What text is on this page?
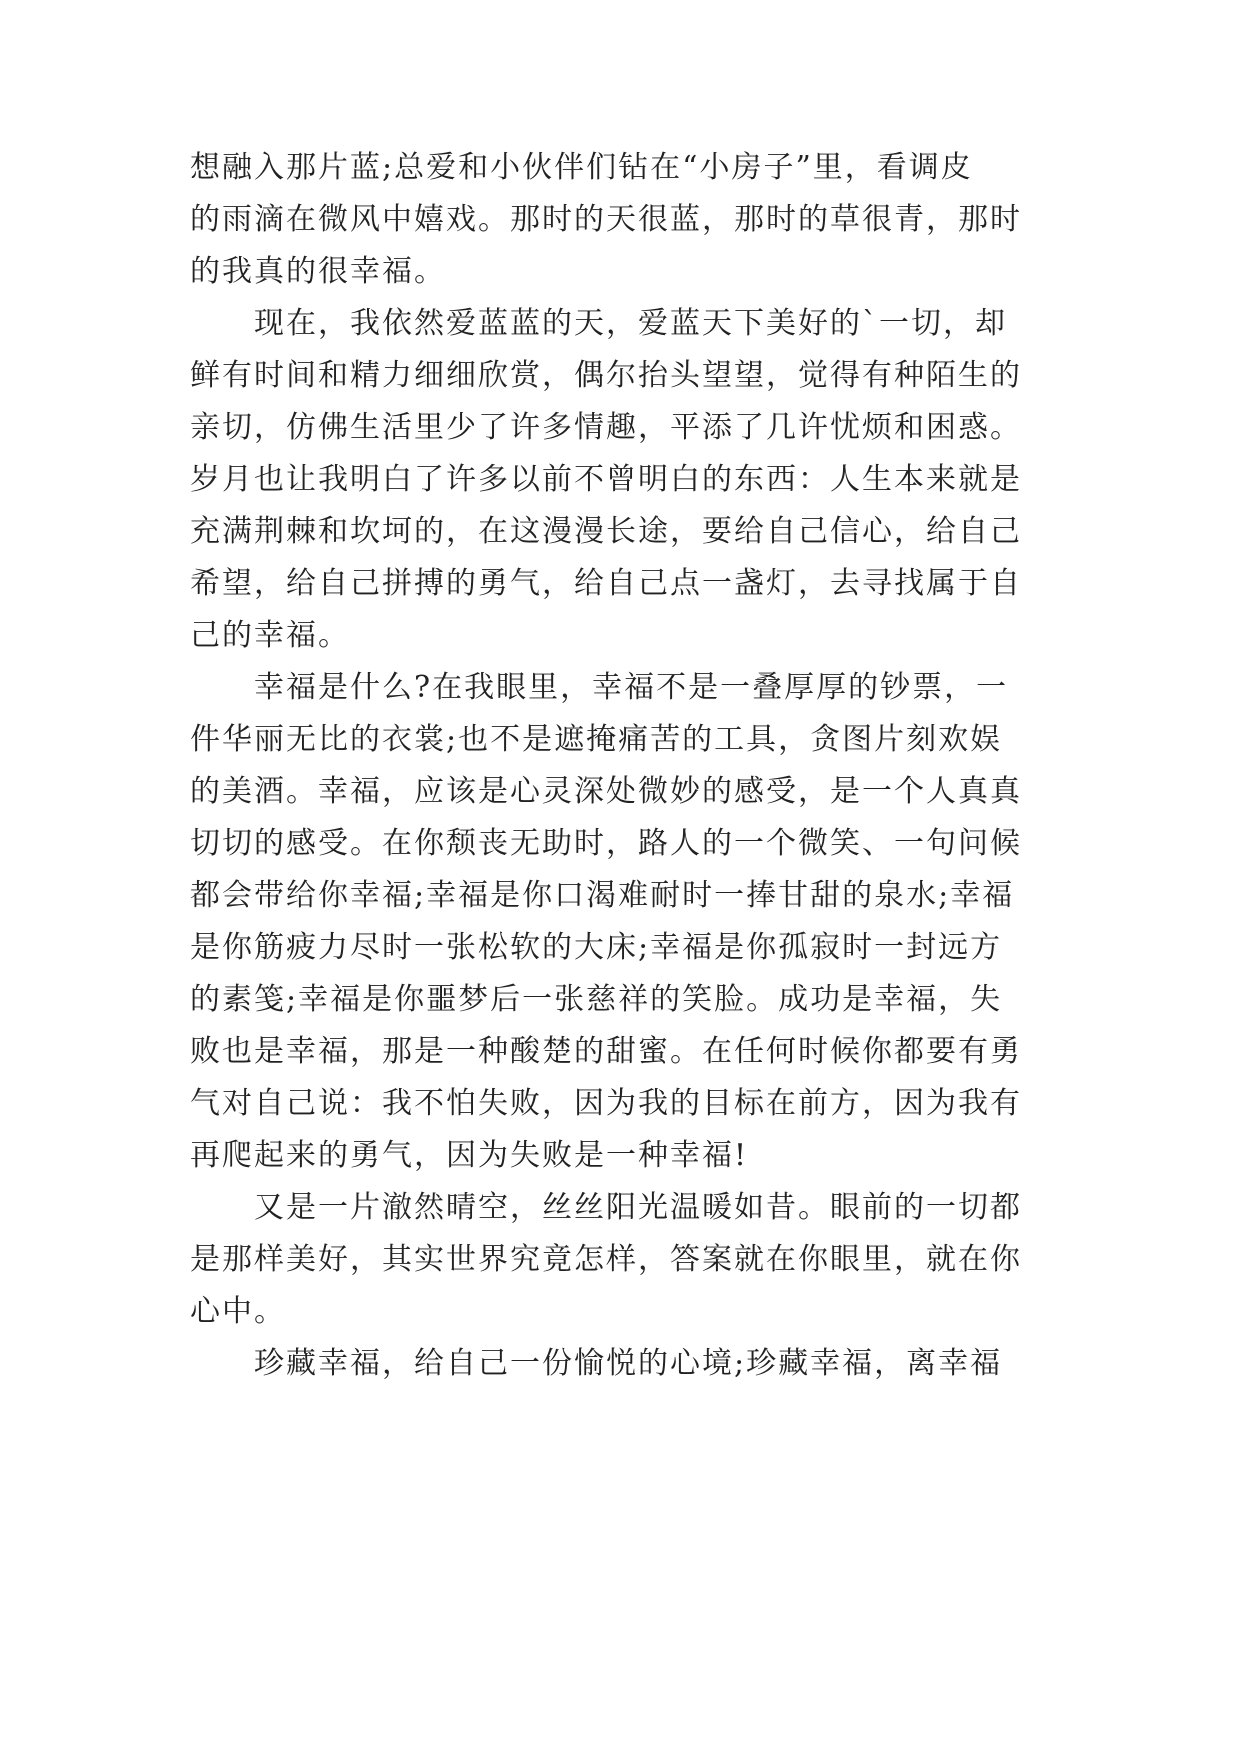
想融入那片蓝;总爱和小伙伴们钻在“小房子”里，看调皮
的雨滴在微风中嬉戏。那时的天很蓝，那时的草很青，那时
的我真的很幸福。
现在，我依然爱蓝蓝的天，爱蓝天下美好的`一切，却
鲜有时间和精力细细欣赏，偶尔抬头望望，觉得有种陌生的
亲切，仿佛生活里少了许多情趣，平添了几许忧烦和困惑。
岁月也让我明白了许多以前不曾明白的东西：人生本来就是
充满荆棘和坎坷的，在这漫漫长途，要给自己信心，给自己
希望，给自己拼搏的勇气，给自己点一盏灯，去寻找属于自
己的幸福。
幸福是什么?在我眼里，幸福不是一叠厚厚的钞票，一
件华丽无比的衣裳;也不是遮掩痛苦的工具，贪图片刻欢娱
的美酒。幸福，应该是心灵深处微妙的感受，是一个人真真
切切的感受。在你颓丧无助时，路人的一个微笑、一句问候
都会带给你幸福;幸福是你口渴难耐时一捧甘甜的泉水;幸福
是你筋疲力尽时一张松软的大床;幸福是你孤寂时一封远方
的素笺;幸福是你噩梦后一张慈祥的笑脸。成功是幸福，失
败也是幸福，那是一种酸楚的甜蜜。在任何时候你都要有勇
气对自己说：我不怕失败，因为我的目标在前方，因为我有
再爬起来的勇气，因为失败是一种幸福!
又是一片澈然晴空，丝丝阳光温暖如昔。眼前的一切都
是那样美好，其实世界究竟怎样，答案就在你眼里，就在你
心中。
珍藏幸福，给自己一份愉悦的心境;珍藏幸福，离幸福
